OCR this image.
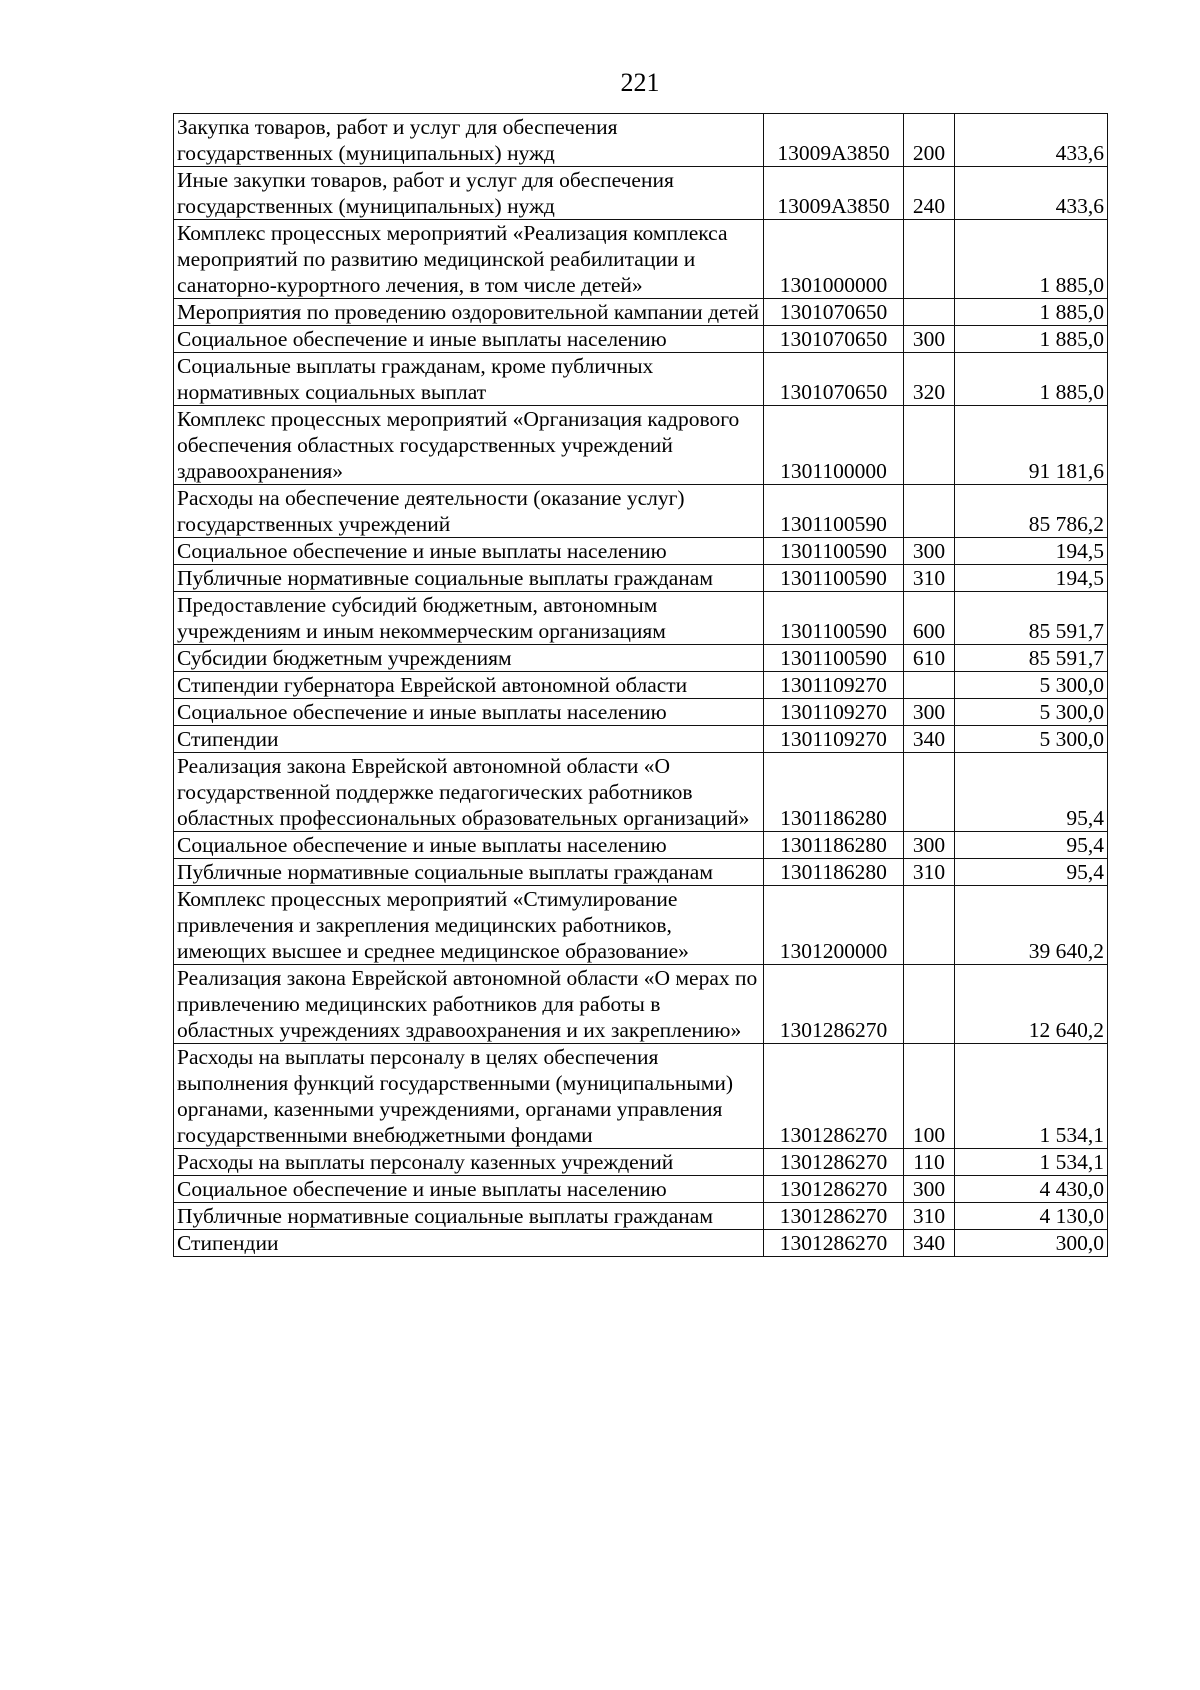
221
Закупка товаров, работ и услуг для обеспечения государственных (муниципальных) нужд	13009А3850	200	433,6
Иные закупки товаров, работ и услуг для обеспечения государственных (муниципальных) нужд	13009А3850	240	433,6
Комплекс процессных мероприятий «Реализация комплекса мероприятий по развитию медицинской реабилитации и санаторно-курортного лечения, в том числе детей»	1301000000		1 885,0
Мероприятия по проведению оздоровительной кампании детей	1301070650		1 885,0
Социальное обеспечение и иные выплаты населению	1301070650	300	1 885,0
Социальные выплаты гражданам, кроме публичных нормативных социальных выплат	1301070650	320	1 885,0
Комплекс процессных мероприятий «Организация кадрового обеспечения областных государственных учреждений здравоохранения»	1301100000		91 181,6
Расходы на обеспечение деятельности (оказание услуг) государственных учреждений	1301100590		85 786,2
Социальное обеспечение и иные выплаты населению	1301100590	300	194,5
Публичные нормативные социальные выплаты гражданам	1301100590	310	194,5
Предоставление субсидий бюджетным, автономным учреждениям и иным некоммерческим организациям	1301100590	600	85 591,7
Субсидии бюджетным учреждениям	1301100590	610	85 591,7
Стипендии губернатора Еврейской автономной области	1301109270		5 300,0
Социальное обеспечение и иные выплаты населению	1301109270	300	5 300,0
Стипендии	1301109270	340	5 300,0
Реализация закона Еврейской автономной области «О государственной поддержке педагогических работников областных профессиональных образовательных организаций»	1301186280		95,4
Социальное обеспечение и иные выплаты населению	1301186280	300	95,4
Публичные нормативные социальные выплаты гражданам	1301186280	310	95,4
Комплекс процессных мероприятий «Стимулирование привлечения и закрепления медицинских работников, имеющих высшее и среднее медицинское образование»	1301200000		39 640,2
Реализация закона Еврейской автономной области «О мерах по привлечению медицинских работников для работы в областных учреждениях здравоохранения и их закреплению»	1301286270		12 640,2
Расходы на выплаты персоналу в целях обеспечения выполнения функций государственными (муниципальными) органами, казенными учреждениями, органами управления государственными внебюджетными фондами	1301286270	100	1 534,1
Расходы на выплаты персоналу казенных учреждений	1301286270	110	1 534,1
Социальное обеспечение и иные выплаты населению	1301286270	300	4 430,0
Публичные нормативные социальные выплаты гражданам	1301286270	310	4 130,0
Стипендии	1301286270	340	300,0
